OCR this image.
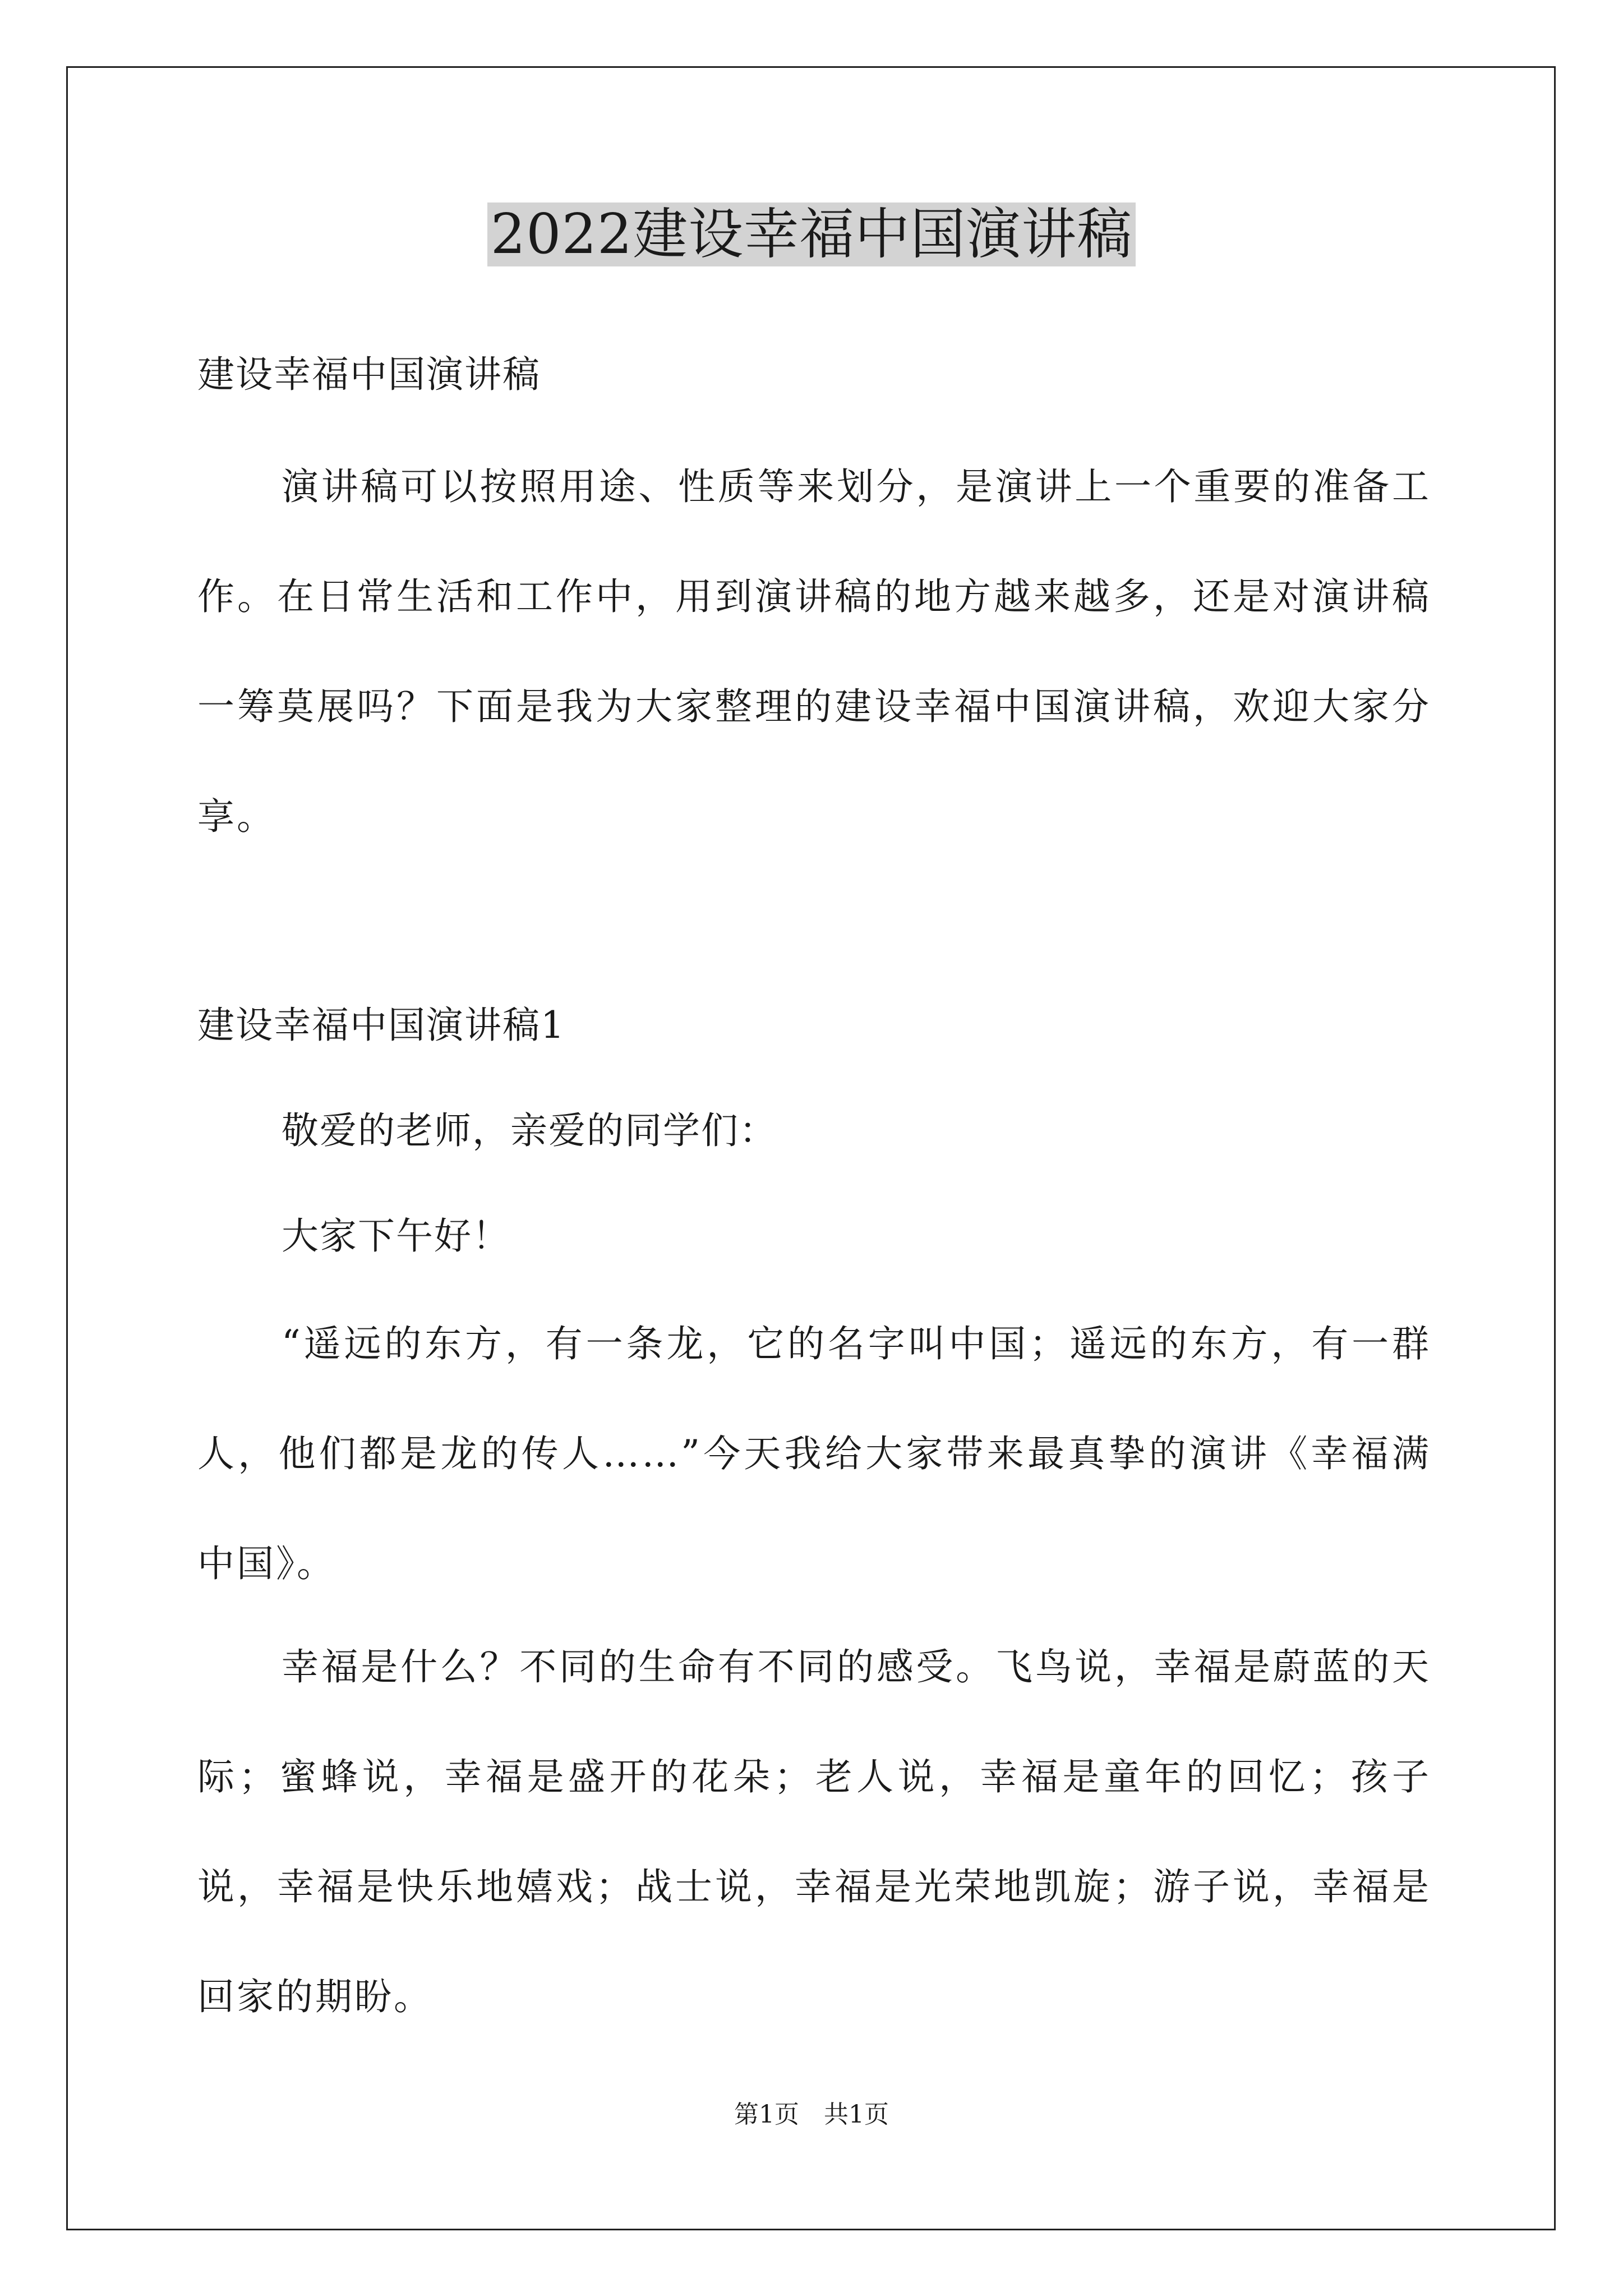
2022建设幸福中国演讲稿

建设幸福中国演讲稿

演讲稿可以按照用途、性质等来划分，是演讲上一个重要的准备工作。在日常生活和工作中，用到演讲稿的地方越来越多，还是对演讲稿一筹莫展吗？下面是我为大家整理的建设幸福中国演讲稿，欢迎大家分享。

建设幸福中国演讲稿1

敬爱的老师，亲爱的同学们：

大家下午好！

“遥远的东方，有一条龙，它的名字叫中国；遥远的东方，有一群人，他们都是龙的传人……”今天我给大家带来最真挚的演讲《幸福满中国》。

幸福是什么？不同的生命有不同的感受。飞鸟说，幸福是蔚蓝的天际；蜜蜂说，幸福是盛开的花朵；老人说，幸福是童年的回忆；孩子说，幸福是快乐地嬉戏；战士说，幸福是光荣地凯旋；游子说，幸福是回家的期盼。

第1页　共1页
